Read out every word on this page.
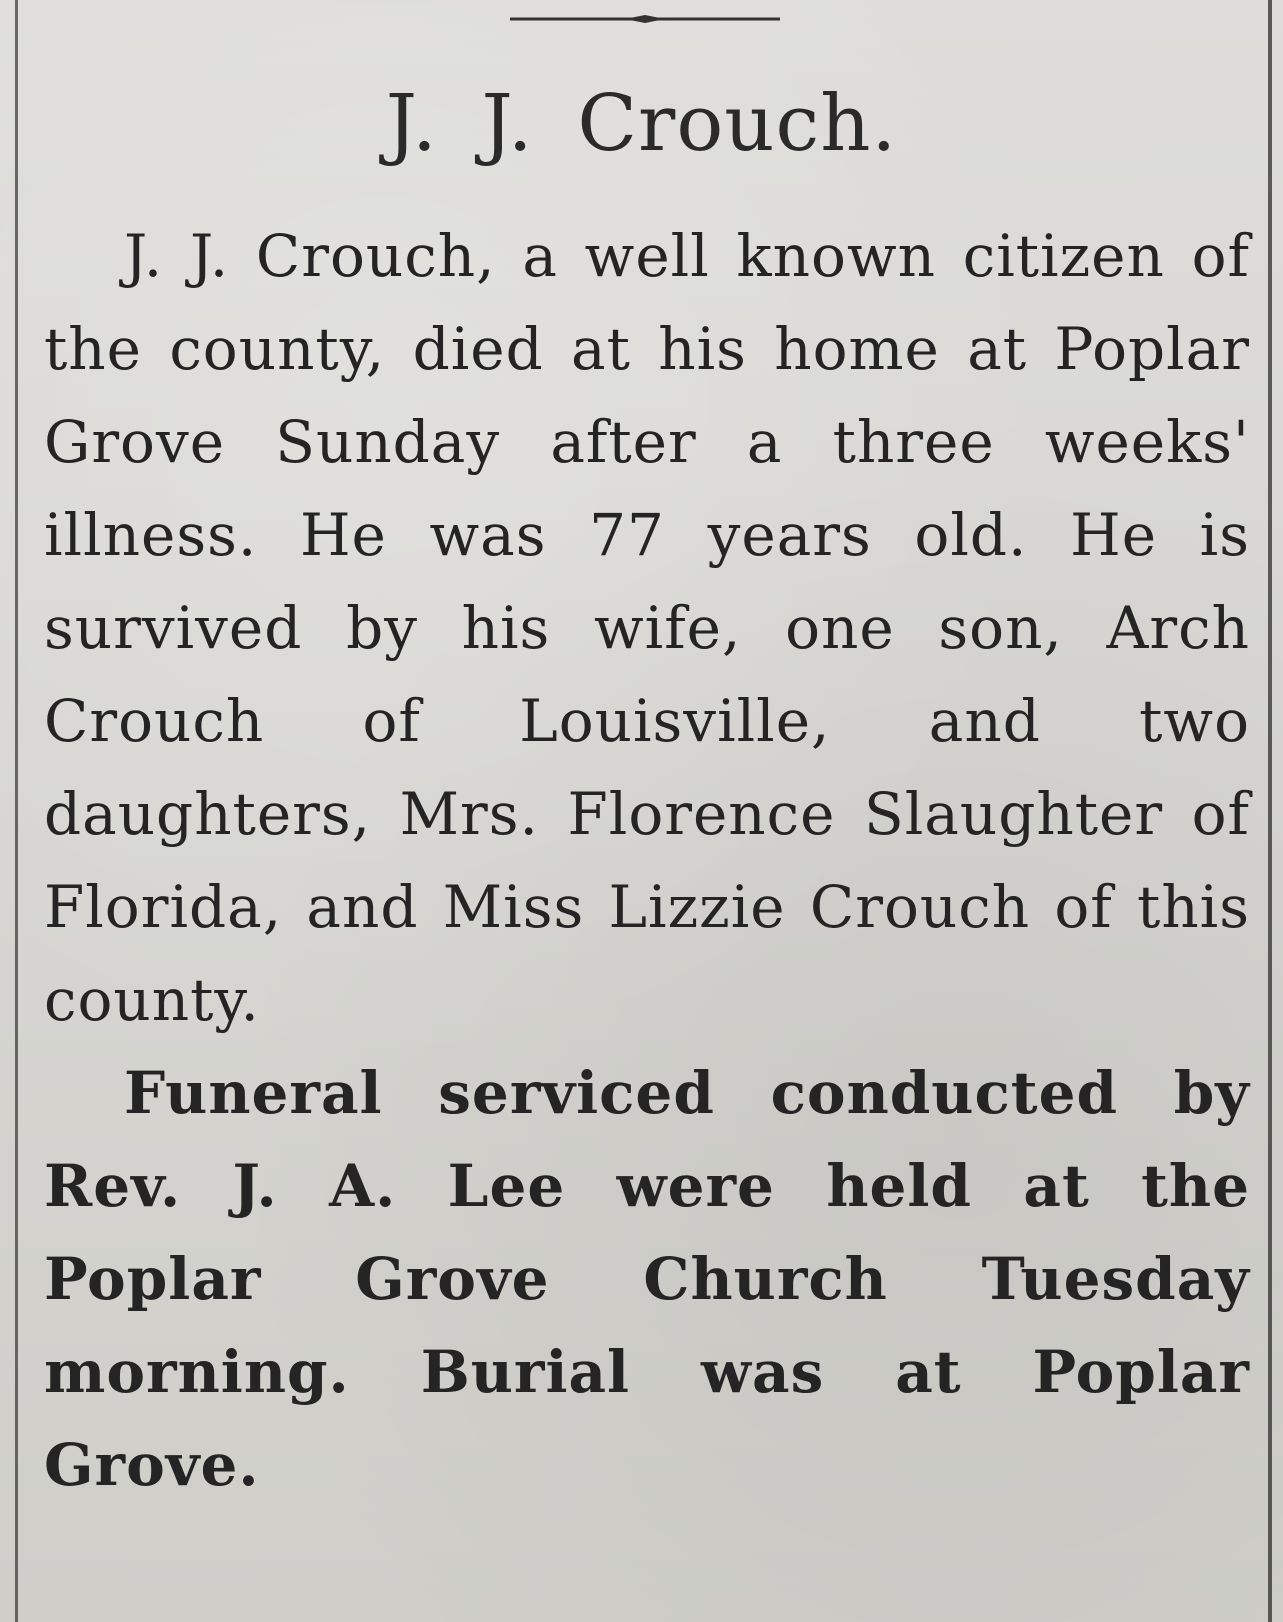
J. J. Crouch.

J. J. Crouch, a well known citizen of the county, died at his home at Poplar Grove Sunday after a three weeks' illness. He was 77 years old. He is survived by his wife, one son, Arch Crouch of Louisville, and two daughters, Mrs. Florence Slaughter of Florida, and Miss Lizzie Crouch of this county.

Funeral serviced conducted by Rev. J. A. Lee were held at the Poplar Grove Church Tuesday morning. Burial was at Poplar Grove.
